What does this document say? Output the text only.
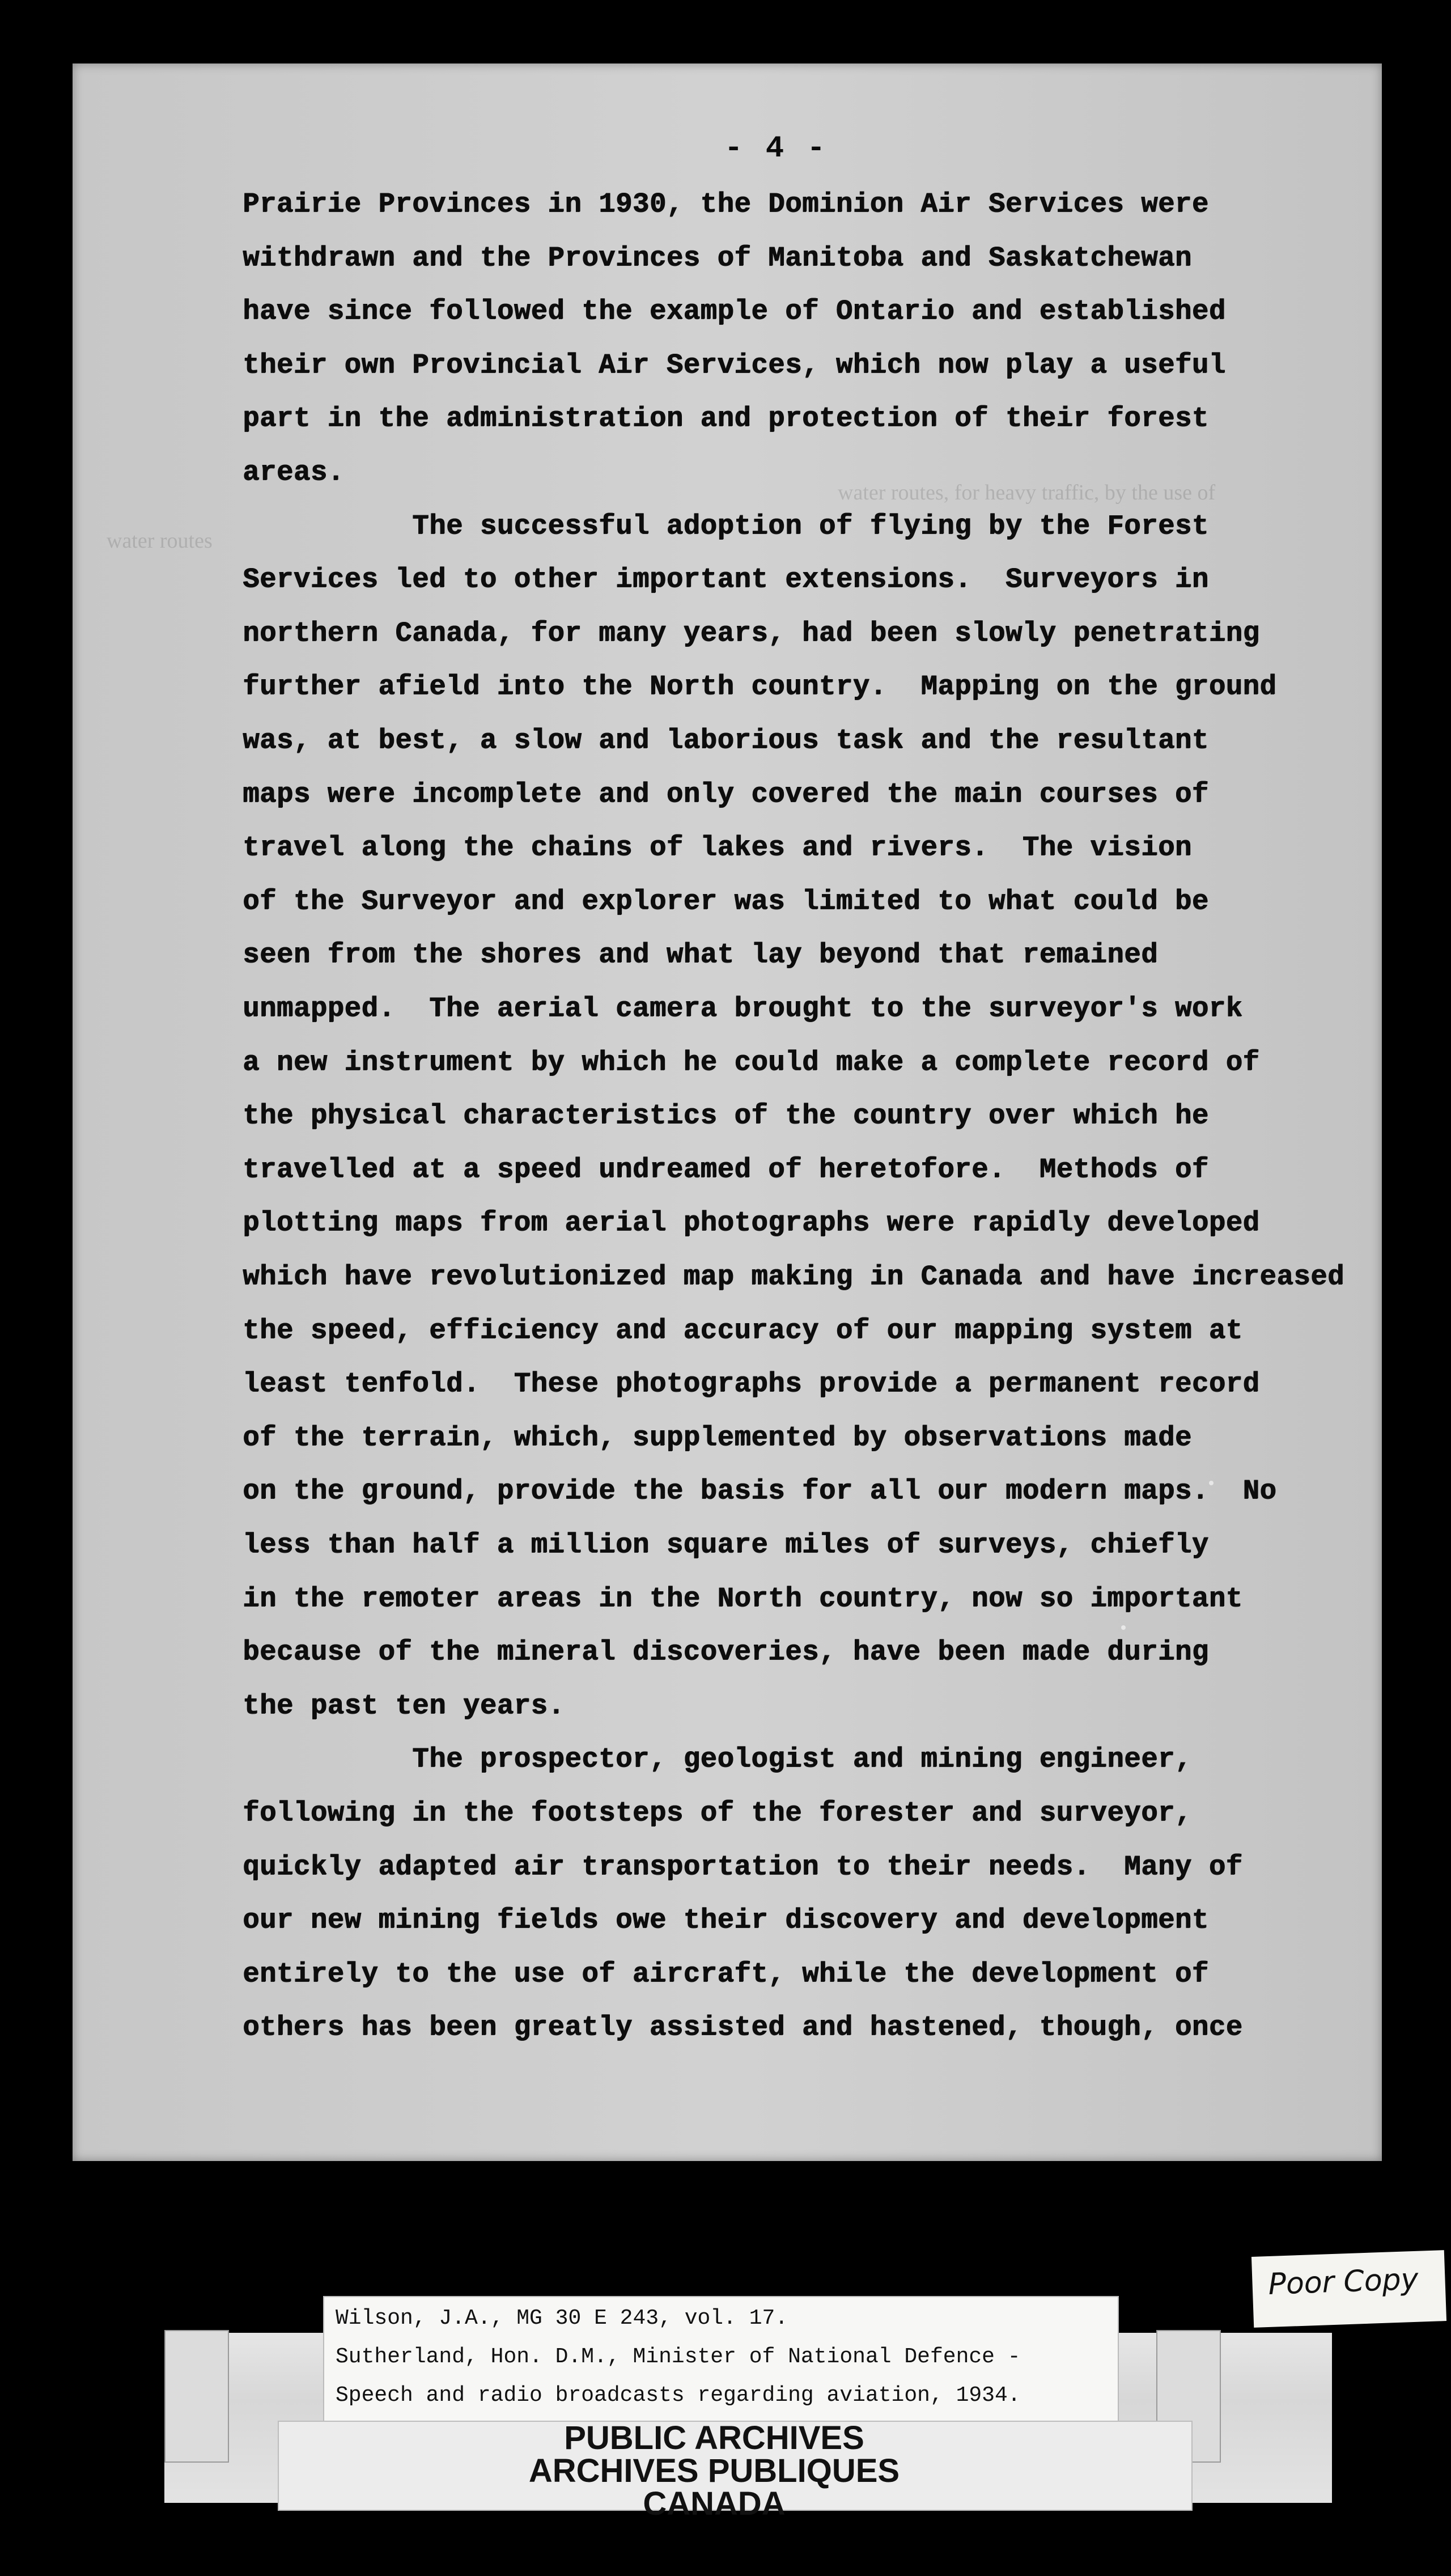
water routes, for heavy traffic, by the use of
water routes
- 4 -
Prairie Provinces in 1930, the Dominion Air Services were
withdrawn and the Provinces of Manitoba and Saskatchewan
have since followed the example of Ontario and established
their own Provincial Air Services, which now play a useful
part in the administration and protection of their forest
areas.
The successful adoption of flying by the Forest
Services led to other important extensions.  Surveyors in
northern Canada, for many years, had been slowly penetrating
further afield into the North country.  Mapping on the ground
was, at best, a slow and laborious task and the resultant
maps were incomplete and only covered the main courses of
travel along the chains of lakes and rivers.  The vision
of the Surveyor and explorer was limited to what could be
seen from the shores and what lay beyond that remained
unmapped.  The aerial camera brought to the surveyor's work
a new instrument by which he could make a complete record of
the physical characteristics of the country over which he
travelled at a speed undreamed of heretofore.  Methods of
plotting maps from aerial photographs were rapidly developed
which have revolutionized map making in Canada and have increased
the speed, efficiency and accuracy of our mapping system at
least tenfold.  These photographs provide a permanent record
of the terrain, which, supplemented by observations made
on the ground, provide the basis for all our modern maps.  No
less than half a million square miles of surveys, chiefly
in the remoter areas in the North country, now so important
because of the mineral discoveries, have been made during
the past ten years.
The prospector, geologist and mining engineer,
following in the footsteps of the forester and surveyor,
quickly adapted air transportation to their needs.  Many of
our new mining fields owe their discovery and development
entirely to the use of aircraft, while the development of
others has been greatly assisted and hastened, though, once
Poor Copy
Wilson, J.A., MG 30 E 243, vol. 17.
Sutherland, Hon. D.M., Minister of National Defence -
Speech and radio broadcasts regarding aviation, 1934.
PUBLIC ARCHIVES
ARCHIVES PUBLIQUES
CANADA
